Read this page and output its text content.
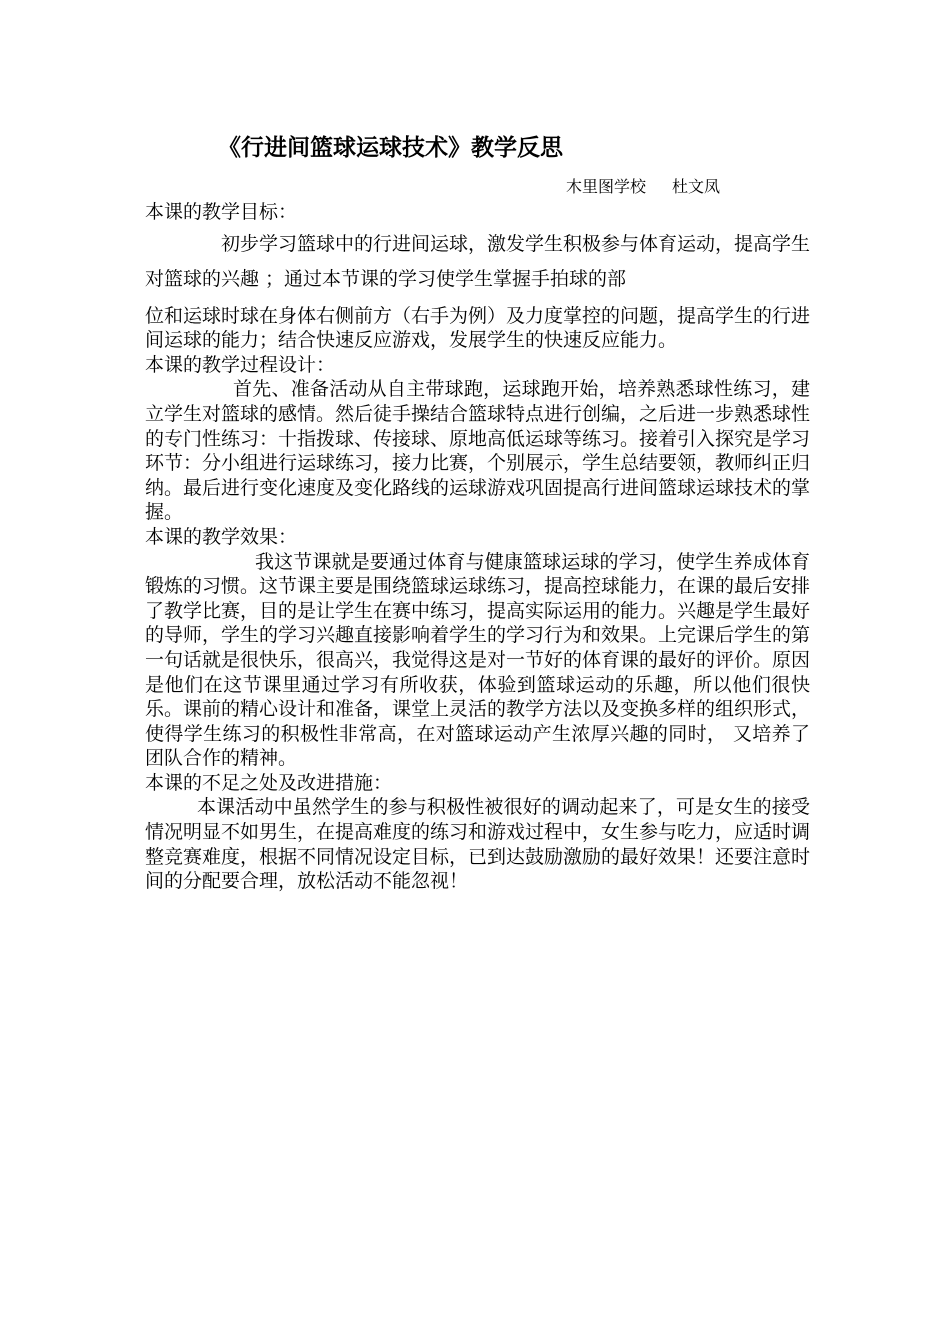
《行进间篮球运球技术》教学反思
木里图学校 杜文凤

本课的教学目标：

初步学习篮球中的行进间运球，激发学生积极参与体育运动，提高学生对篮球的兴趣 ；通过本节课的学习使学生掌握手拍球的部

位和运球时球在身体右侧前方（右手为例）及力度掌控的问题，提高学生的行进间运球的能力；结合快速反应游戏，发展学生的快速反应能力。

本课的教学过程设计：

首先、准备活动从自主带球跑，运球跑开始，培养熟悉球性练习，建立学生对篮球的感情。然后徒手操结合篮球特点进行创编，之后进一步熟悉球性的专门性练习：十指拨球、传接球、原地高低运球等练习。接着引入探究是学习环节：分小组进行运球练习，接力比赛，个别展示，学生总结要领，教师纠正归纳。最后进行变化速度及变化路线的运球游戏巩固提高行进间篮球运球技术的掌握。

本课的教学效果：

我这节课就是要通过体育与健康篮球运球的学习，使学生养成体育锻炼的习惯。这节课主要是围绕篮球运球练习，提高控球能力，在课的最后安排了教学比赛，目的是让学生在赛中练习，提高实际运用的能力。兴趣是学生最好的导师，学生的学习兴趣直接影响着学生的学习行为和效果。上完课后学生的第一句话就是很快乐，很高兴，我觉得这是对一节好的体育课的最好的评价。原因是他们在这节课里通过学习有所收获，体验到篮球运动的乐趣，所以他们很快乐。课前的精心设计和准备，课堂上灵活的教学方法以及变换多样的组织形式，使得学生练习的积极性非常高，在对篮球运动产生浓厚兴趣的同时， 又培养了团队合作的精神。

本课的不足之处及改进措施：

本课活动中虽然学生的参与积极性被很好的调动起来了，可是女生的接受情况明显不如男生，在提高难度的练习和游戏过程中，女生参与吃力，应适时调整竞赛难度，根据不同情况设定目标，已到达鼓励激励的最好效果！还要注意时间的分配要合理，放松活动不能忽视！
